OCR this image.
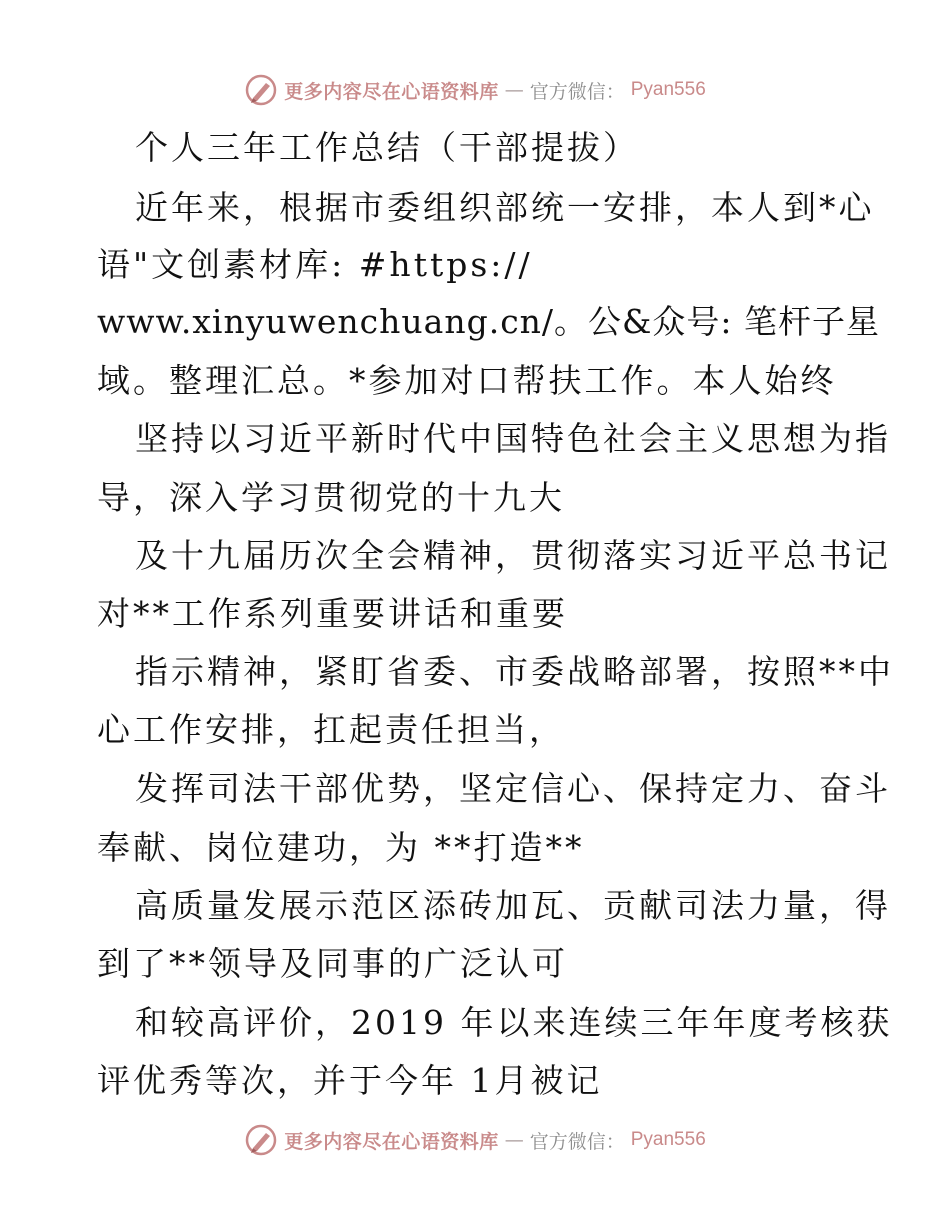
更多内容尽在心语资料库 — 官方微信： Pyan556
个人三年工作总结（干部提拔）
近年来，根据市委组织部统一安排，本人到*心
语"文创素材库: #https://
www.xinyuwenchuang.cn/。公&众号: 笔杆子星
域。整理汇总。*参加对口帮扶工作。本人始终
坚持以习近平新时代中国特色社会主义思想为指
导，深入学习贯彻党的十九大
及十九届历次全会精神，贯彻落实习近平总书记
对**工作系列重要讲话和重要
指示精神，紧盯省委、市委战略部署，按照**中
心工作安排，扛起责任担当，
发挥司法干部优势，坚定信心、保持定力、奋斗
奉献、岗位建功，为 **打造**
高质量发展示范区添砖加瓦、贡献司法力量，得
到了**领导及同事的广泛认可
和较高评价，2019 年以来连续三年年度考核获
评优秀等次，并于今年 1月被记
更多内容尽在心语资料库 — 官方微信： Pyan556
